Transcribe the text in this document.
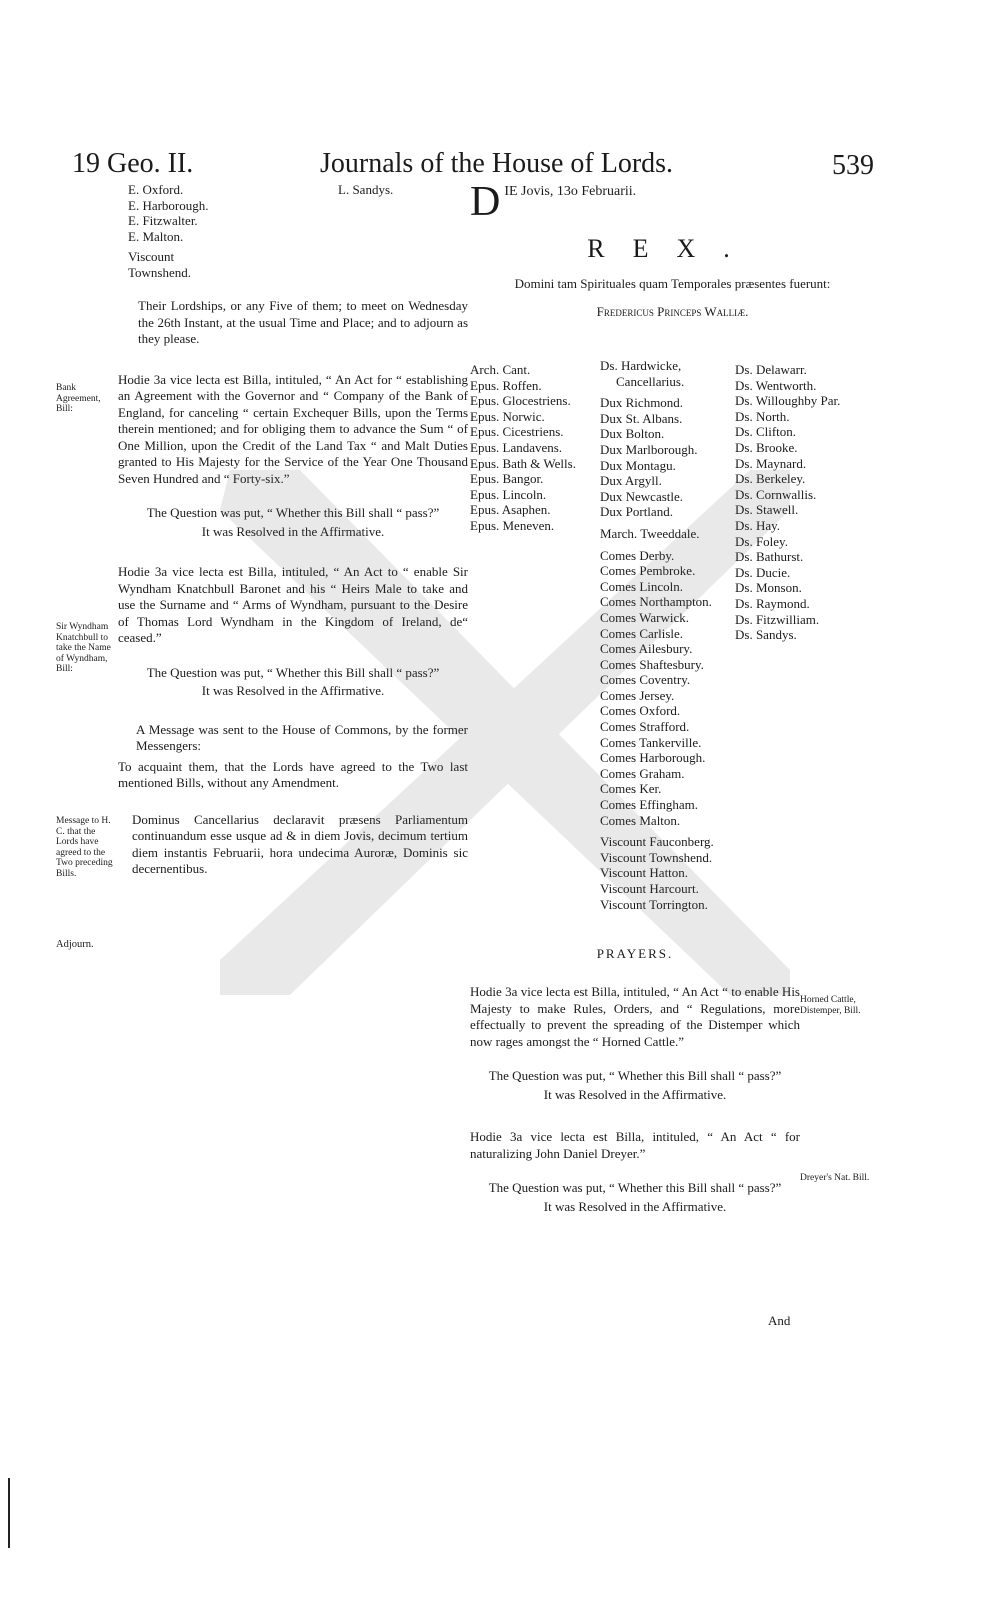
19 Geo. II.	Journals of the House of Lords.	539
E. Oxford.
E. Harborough.
E. Fitzwalter.
E. Malton.
Viscount Townshend.
L. Sandys.
Their Lordships, or any Five of them; to meet on Wednesday the 26th Instant, at the usual Time and Place; and to adjourn as they please.
Hodie 3a vice lecta est Billa, intituled, “ An Act for “ establishing an Agreement with the Governor and “ Company of the Bank of England, for canceling “ certain Exchequer Bills, upon the Terms therein mentioned; and for obliging them to advance the Sum “ of One Million, upon the Credit of the Land Tax “ and Malt Duties granted to His Majesty for the Service of the Year One Thousand Seven Hundred and “ Forty-six.”
The Question was put, “ Whether this Bill shall “ pass?”
It was Resolved in the Affirmative.
Hodie 3a vice lecta est Billa, intituled, “ An Act to “ enable Sir Wyndham Knatchbull Baronet and his “ Heirs Male to take and use the Surname and “ Arms of Wyndham, pursuant to the Desire of Thomas Lord Wyndham in the Kingdom of Ireland, de“ ceased.”
The Question was put, “ Whether this Bill shall “ pass?”
It was Resolved in the Affirmative.
A Message was sent to the House of Commons, by the former Messengers:
To acquaint them, that the Lords have agreed to the Two last mentioned Bills, without any Amendment.
Dominus Cancellarius declaravit præsens Parliamentum continuandum esse usque ad & in diem Jovis, decimum tertium diem instantis Februarii, hora undecima Auroræ, Dominis sic decernentibus.
Bank Agreement, Bill:
Sir Wyndham Knatchbull to take the Name of Wyndham, Bill:
Message to H. C. that the Lords have agreed to the Two preceding Bills.
Adjourn.
D IE Jovis, 13o Februarii.
REX.
Domini tam Spirituales quam Temporales præsentes fuerunt:
Fredericus Princeps Walliæ.
Arch. Cant.
Epus. Roffen.
Epus. Glocestriens.
Epus. Norwic.
Epus. Cicestriens.
Epus. Landavens.
Epus. Bath & Wells.
Epus. Bangor.
Epus. Lincoln.
Epus. Asaphen.
Epus. Meneven.
Ds. Hardwicke,
Cancellarius.
Dux Richmond.
Dux St. Albans.
Dux Bolton.
Dux Marlborough.
Dux Montagu.
Dux Argyll.
Dux Newcastle.
Dux Portland.
March. Tweeddale.
Comes Derby.
Comes Pembroke.
Comes Lincoln.
Comes Northampton.
Comes Warwick.
Comes Carlisle.
Comes Ailesbury.
Comes Shaftesbury.
Comes Coventry.
Comes Jersey.
Comes Oxford.
Comes Strafford.
Comes Tankerville.
Comes Harborough.
Comes Graham.
Comes Ker.
Comes Effingham.
Comes Malton.
Viscount Fauconberg.
Viscount Townshend.
Viscount Hatton.
Viscount Harcourt.
Viscount Torrington.
Ds. Delawarr.
Ds. Wentworth.
Ds. Willoughby Par.
Ds. North.
Ds. Clifton.
Ds. Brooke.
Ds. Maynard.
Ds. Berkeley.
Ds. Cornwallis.
Ds. Stawell.
Ds. Hay.
Ds. Foley.
Ds. Bathurst.
Ds. Ducie.
Ds. Monson.
Ds. Raymond.
Ds. Fitzwilliam.
Ds. Sandys.
PRAYERS.
Hodie 3a vice lecta est Billa, intituled, “ An Act “ to enable His Majesty to make Rules, Orders, and “ Regulations, more effectually to prevent the spreading of the Distemper which now rages amongst the “ Horned Cattle.”
The Question was put, “ Whether this Bill shall “ pass?”
It was Resolved in the Affirmative.
Hodie 3a vice lecta est Billa, intituled, “ An Act “ for naturalizing John Daniel Dreyer.”
The Question was put, “ Whether this Bill shall “ pass?”
It was Resolved in the Affirmative.
Horned Cattle, Distemper, Bill.
Dreyer's Nat. Bill.
And
